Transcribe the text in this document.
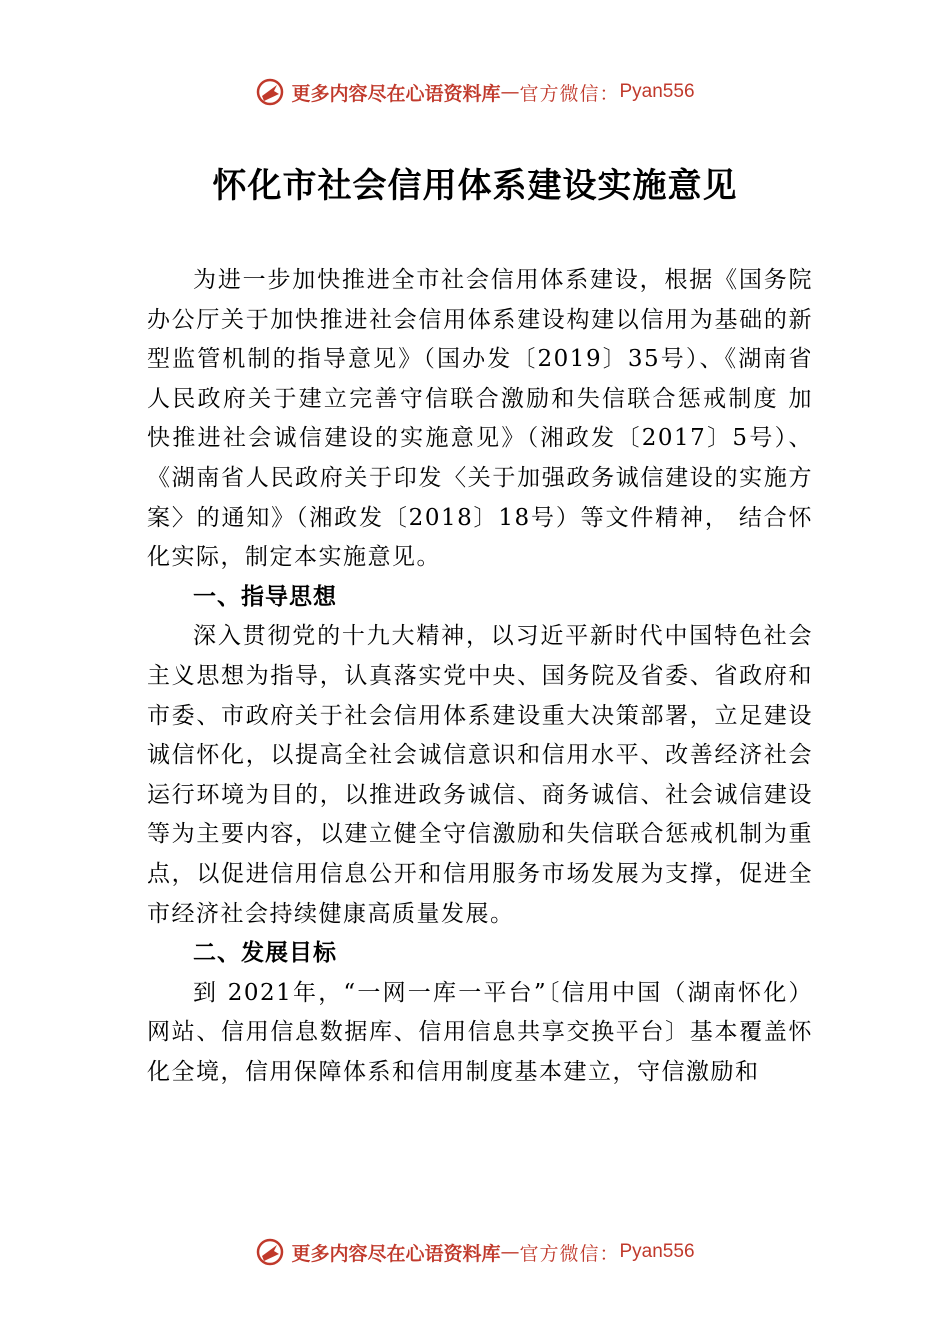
更多内容尽在心语资料库 — 官方微信： Pyan556
怀化市社会信用体系建设实施意见

为进一步加快推进全市社会信用体系建设，根据《国务院办公厅关于加快推进社会信用体系建设构建以信用为基础的新型监管机制的指导意见》（国办发〔2019〕35号）、《湖南省人民政府关于建立完善守信联合激励和失信联合惩戒制度 加快推进社会诚信建设的实施意见》（湘政发〔2017〕5号）、《湖南省人民政府关于印发〈关于加强政务诚信建设的实施方案〉的通知》（湘政发〔2018〕18号）等文件精神， 结合怀化实际，制定本实施意见。

一、指导思想

深入贯彻党的十九大精神，以习近平新时代中国特色社会主义思想为指导，认真落实党中央、国务院及省委、省政府和市委、市政府关于社会信用体系建设重大决策部署，立足建设诚信怀化，以提高全社会诚信意识和信用水平、改善经济社会运行环境为目的，以推进政务诚信、商务诚信、社会诚信建设等为主要内容，以建立健全守信激励和失信联合惩戒机制为重点，以促进信用信息公开和信用服务市场发展为支撑，促进全市经济社会持续健康高质量发展。

二、发展目标

到 2021年，“一网一库一平台”〔信用中国（湖南怀化）网站、信用信息数据库、信用信息共享交换平台〕基本覆盖怀化全境，信用保障体系和信用制度基本建立，守信激励和

更多内容尽在心语资料库 — 官方微信： Pyan556
